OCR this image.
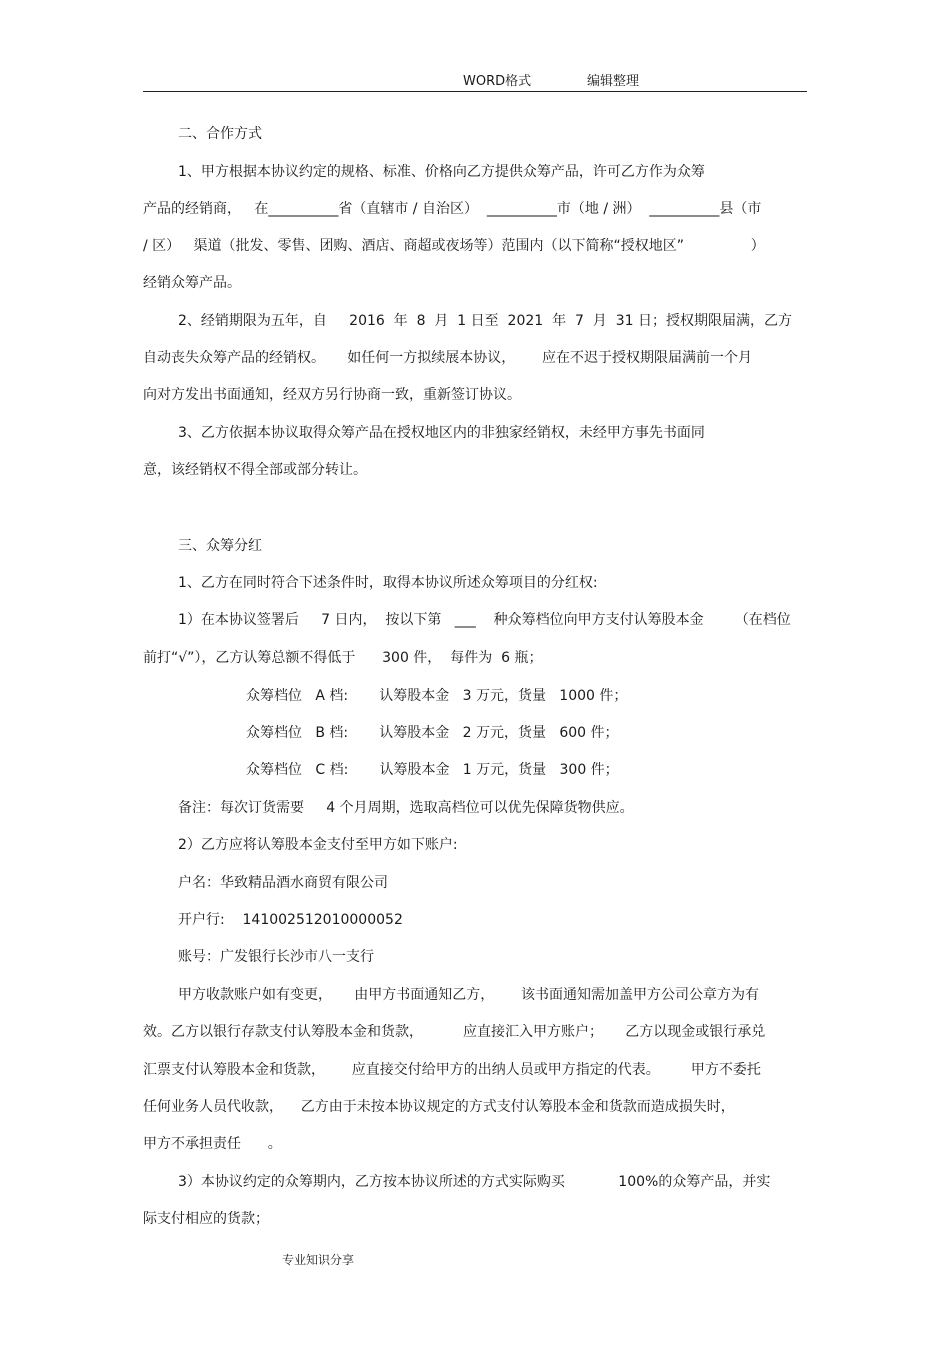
WORD格式	编辑整理
二、合作方式
1、甲方根据本协议约定的规格、标准、价格向乙方提供众筹产品，许可乙方作为众筹
产品的经销商，   在__________省（直辖市 / 自治区）  __________市（地 / 洲）  __________县（市
/ 区）   渠道（批发、零售、团购、酒店、商超或夜场等）范围内（以下简称“授权地区”               ）
经销众筹产品。
2、经销期限为五年，自     2016  年  8  月  1 日至  2021  年  7  月  31 日；授权期限届满，乙方
自动丧失众筹产品的经销权。     如任何一方拟续展本协议，      应在不迟于授权期限届满前一个月
向对方发出书面通知，经双方另行协商一致，重新签订协议。
3、乙方依据本协议取得众筹产品在授权地区内的非独家经销权，未经甲方事先书面同
意，该经销权不得全部或部分转让。
三、众筹分红
1、乙方在同时符合下述条件时，取得本协议所述众筹项目的分红权:
1）在本协议签署后     7 日内，  按以下第   ___    种众筹档位向甲方支付认筹股本金       （在档位
前打“√”），乙方认筹总额不得低于      300 件，  每件为  6 瓶；
众筹档位   A 档:       认筹股本金   3 万元，货量   1000 件；
众筹档位   B 档:       认筹股本金   2 万元，货量   600 件；
众筹档位   C 档:       认筹股本金   1 万元，货量   300 件；
备注：每次订货需要     4 个月周期，选取高档位可以优先保障货物供应。
2）乙方应将认筹股本金支付至甲方如下账户:
户名：华致精品酒水商贸有限公司
开户行:    141002512010000052
账号：广发银行长沙市八一支行
甲方收款账户如有变更，     由甲方书面通知乙方，      该书面通知需加盖甲方公司公章方为有
效。乙方以银行存款支付认筹股本金和货款，         应直接汇入甲方账户；     乙方以现金或银行承兑
汇票支付认筹股本金和货款，      应直接交付给甲方的出纳人员或甲方指定的代表。       甲方不委托
任何业务人员代收款，    乙方由于未按本协议规定的方式支付认筹股本金和货款而造成损失时，
甲方不承担责任      。
3）本协议约定的众筹期内，乙方按本协议所述的方式实际购买            100%的众筹产品，并实
际支付相应的货款；
专业知识分享
